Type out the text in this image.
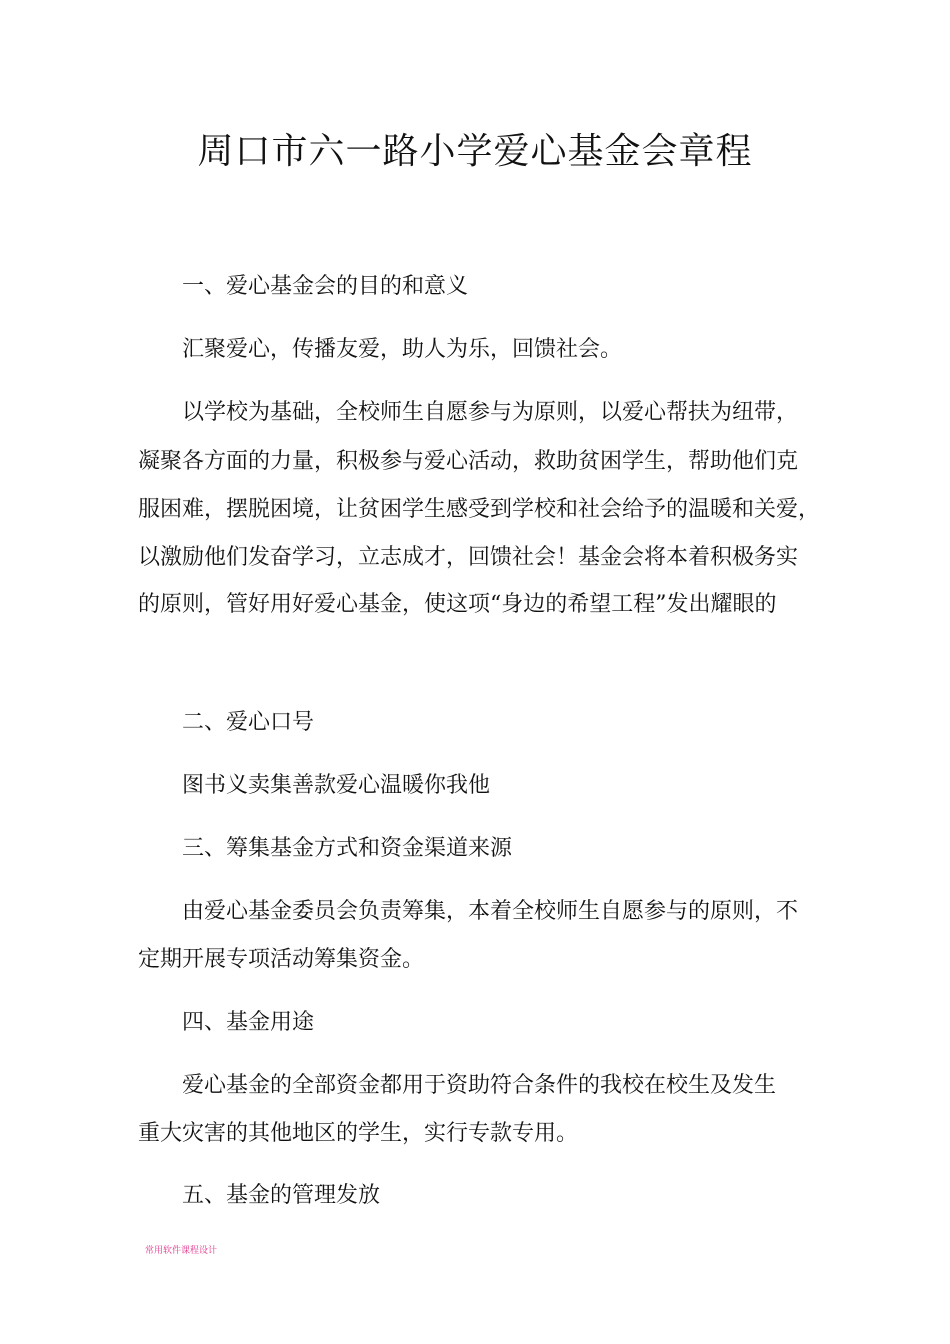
周口市六一路小学爱心基金会章程

一、爱心基金会的目的和意义

汇聚爱心，传播友爱，助人为乐，回馈社会。

以学校为基础，全校师生自愿参与为原则，以爱心帮扶为纽带，

凝聚各方面的力量，积极参与爱心活动，救助贫困学生，帮助他们克

服困难，摆脱困境，让贫困学生感受到学校和社会给予的温暖和关爱，

以激励他们发奋学习，立志成才，回馈社会！基金会将本着积极务实

的原则，管好用好爱心基金，使这项“身边的希望工程”发出耀眼的

二、爱心口号

图书义卖集善款爱心温暖你我他

三、筹集基金方式和资金渠道来源

由爱心基金委员会负责筹集，本着全校师生自愿参与的原则，不

定期开展专项活动筹集资金。

四、基金用途

爱心基金的全部资金都用于资助符合条件的我校在校生及发生

重大灾害的其他地区的学生，实行专款专用。

五、基金的管理发放

常用软件课程设计
